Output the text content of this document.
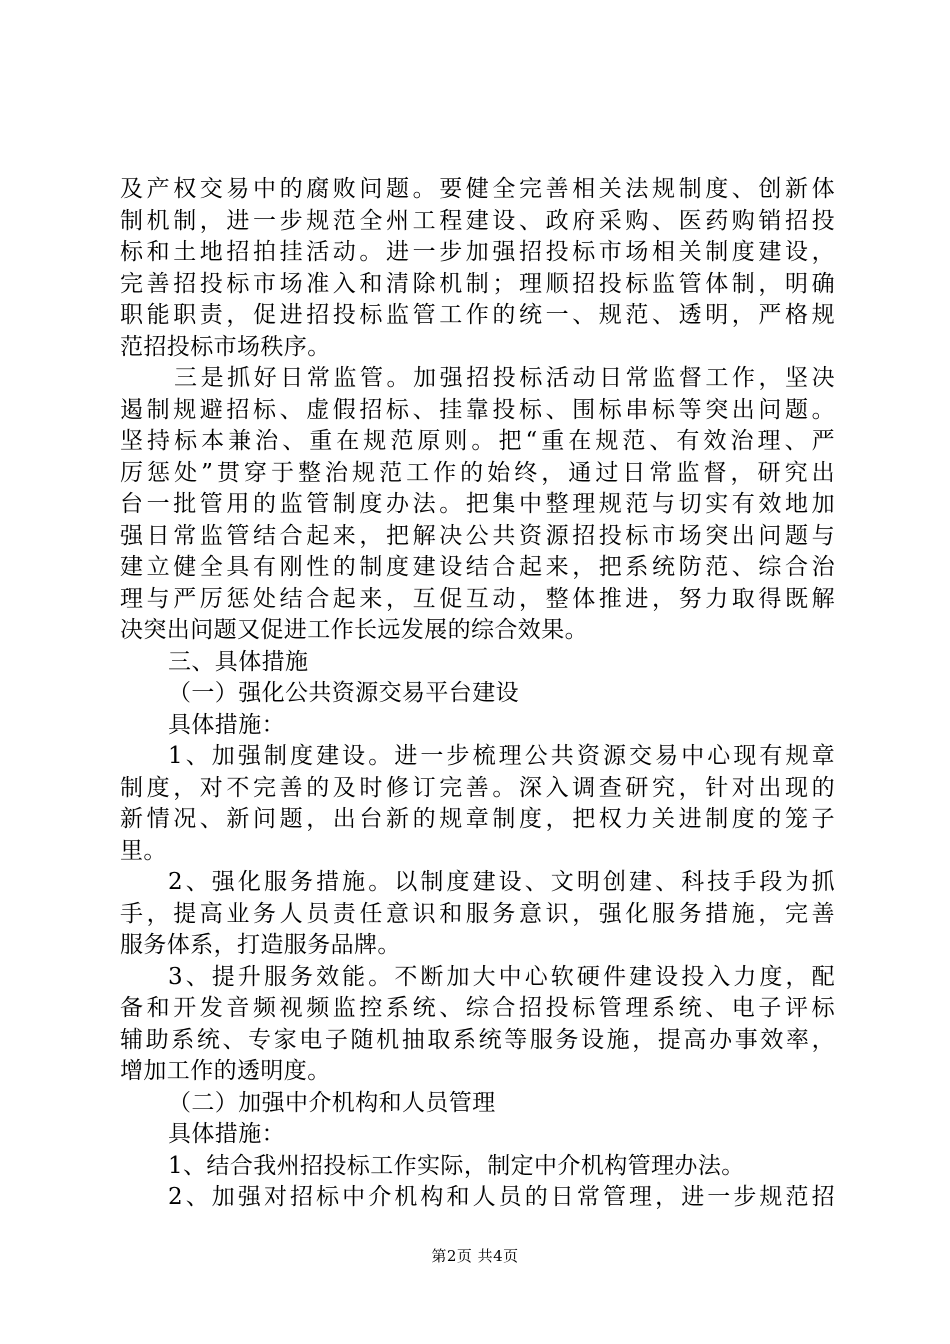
及产权交易中的腐败问题。要健全完善相关法规制度、创新体
制机制，进一步规范全州工程建设、政府采购、医药购销招投
标和土地招拍挂活动。进一步加强招投标市场相关制度建设，
完善招投标市场准入和清除机制；理顺招投标监管体制，明确
职能职责，促进招投标监管工作的统一、规范、透明，严格规
范招投标市场秩序。
三是抓好日常监管。加强招投标活动日常监督工作，坚决
遏制规避招标、虚假招标、挂靠投标、围标串标等突出问题。
坚持标本兼治、重在规范原则。把“重在规范、有效治理、严
厉惩处”贯穿于整治规范工作的始终，通过日常监督，研究出
台一批管用的监管制度办法。把集中整理规范与切实有效地加
强日常监管结合起来，把解决公共资源招投标市场突出问题与
建立健全具有刚性的制度建设结合起来，把系统防范、综合治
理与严厉惩处结合起来，互促互动，整体推进，努力取得既解
决突出问题又促进工作长远发展的综合效果。
三、具体措施
（一）强化公共资源交易平台建设
具体措施：
1、加强制度建设。进一步梳理公共资源交易中心现有规章
制度，对不完善的及时修订完善。深入调查研究，针对出现的
新情况、新问题，出台新的规章制度，把权力关进制度的笼子
里。
2、强化服务措施。以制度建设、文明创建、科技手段为抓
手，提高业务人员责任意识和服务意识，强化服务措施，完善
服务体系，打造服务品牌。
3、提升服务效能。不断加大中心软硬件建设投入力度，配
备和开发音频视频监控系统、综合招投标管理系统、电子评标
辅助系统、专家电子随机抽取系统等服务设施，提高办事效率，
增加工作的透明度。
（二）加强中介机构和人员管理
具体措施：
1、结合我州招投标工作实际，制定中介机构管理办法。
2、加强对招标中介机构和人员的日常管理，进一步规范招
第2页 共4页
